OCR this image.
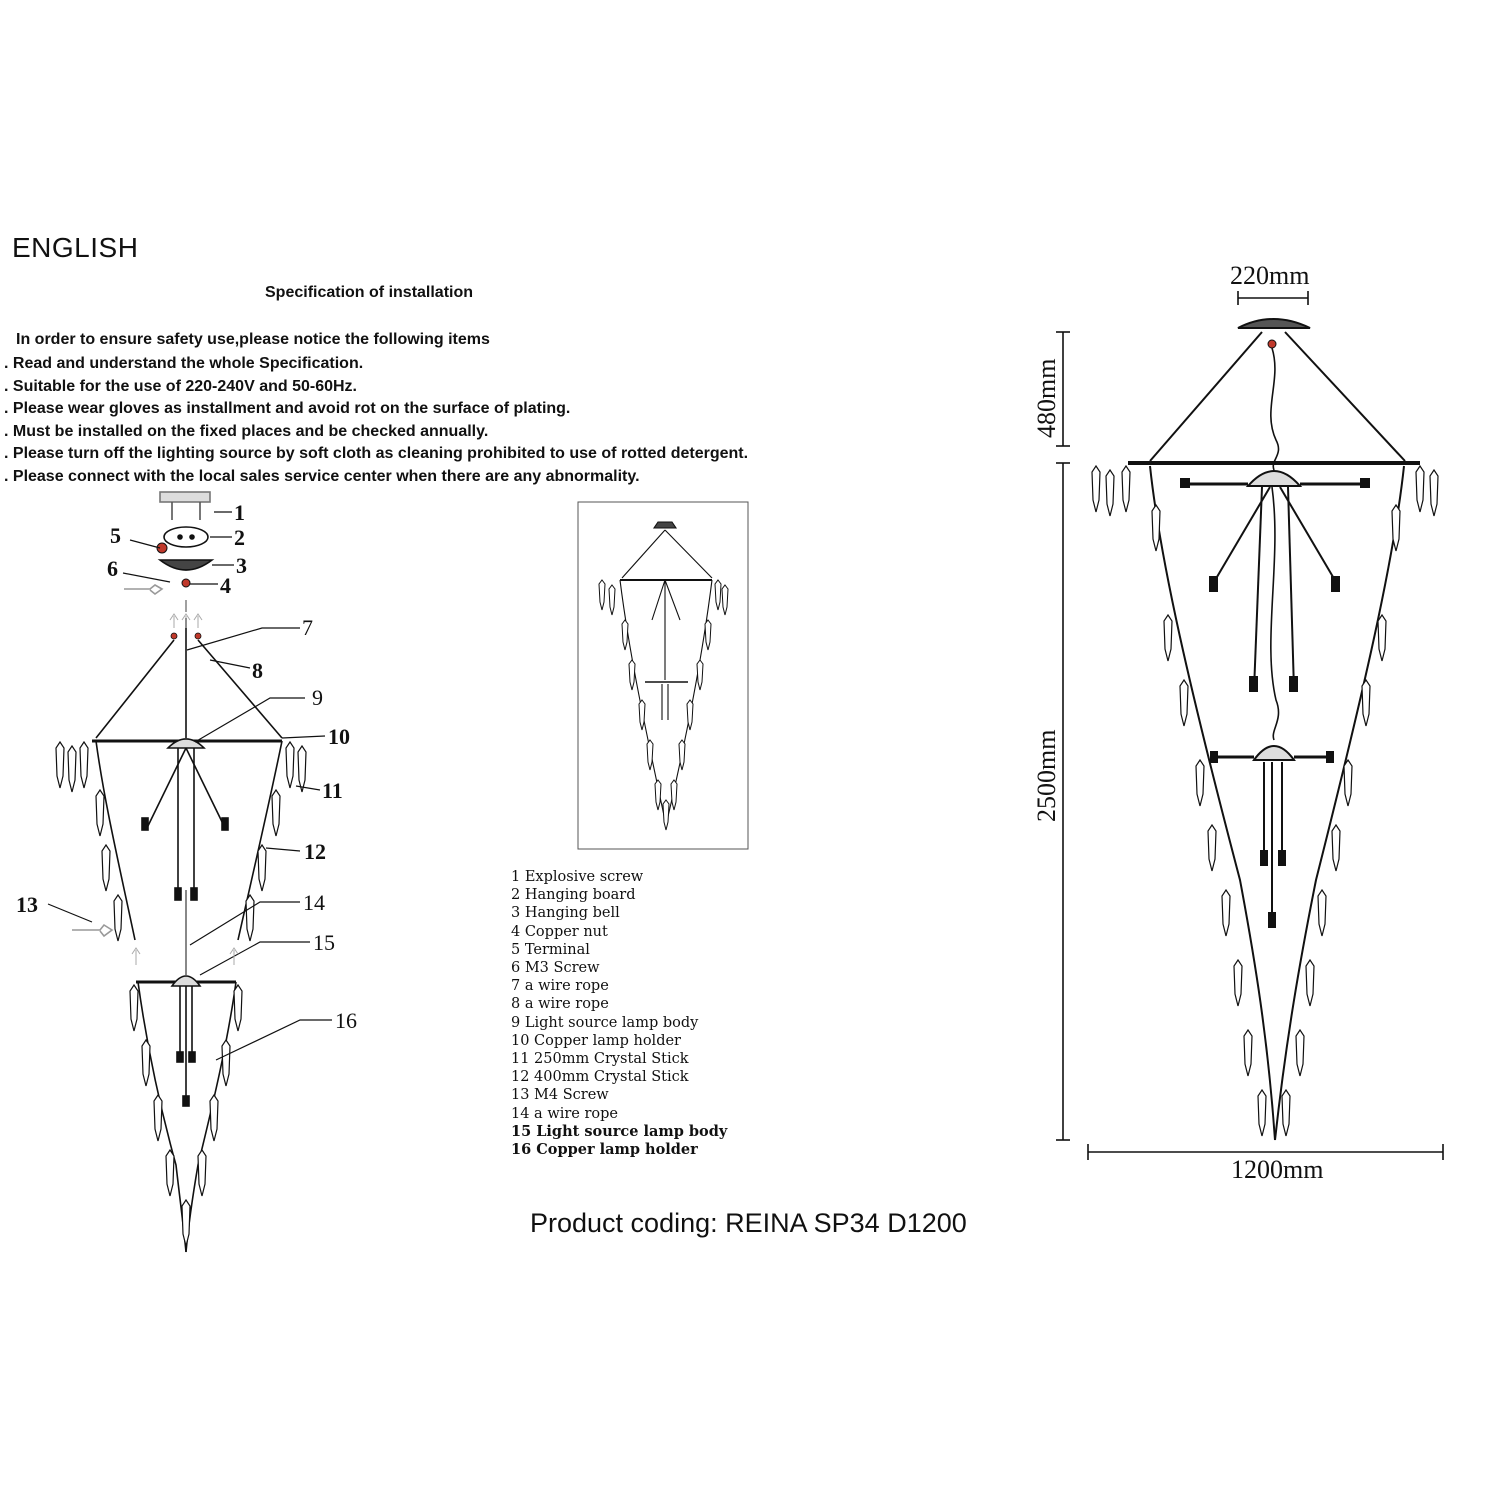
ENGLISH
Specification of installation
In order to ensure safety use,please notice the following items
. Read and understand the whole Specification.
. Suitable for the use of 220-240V and 50-60Hz.
. Please wear gloves as installment and avoid rot on the surface of plating.
. Must be installed on the fixed places and be checked annually.
. Please turn off the lighting source by soft cloth as cleaning prohibited to use of rotted detergent.
. Please connect with the local sales service center when there are any abnormality.
1 Explosive screw
2 Hanging board
3 Hanging bell
4 Copper nut
5 Terminal
6 M3 Screw
7 a wire rope
8 a wire rope
9 Light source lamp body
10 Copper lamp holder
11 250mm Crystal Stick
12 400mm Crystal Stick
13 M4 Screw
14 a wire rope
15 Light source lamp body
16 Copper lamp holder
Product coding: REINA SP34 D1200
1
2
3
4
5
6
7
8
9
10
11
12
13	14
15
16
220mm
480mm
2500mm
1200mm
